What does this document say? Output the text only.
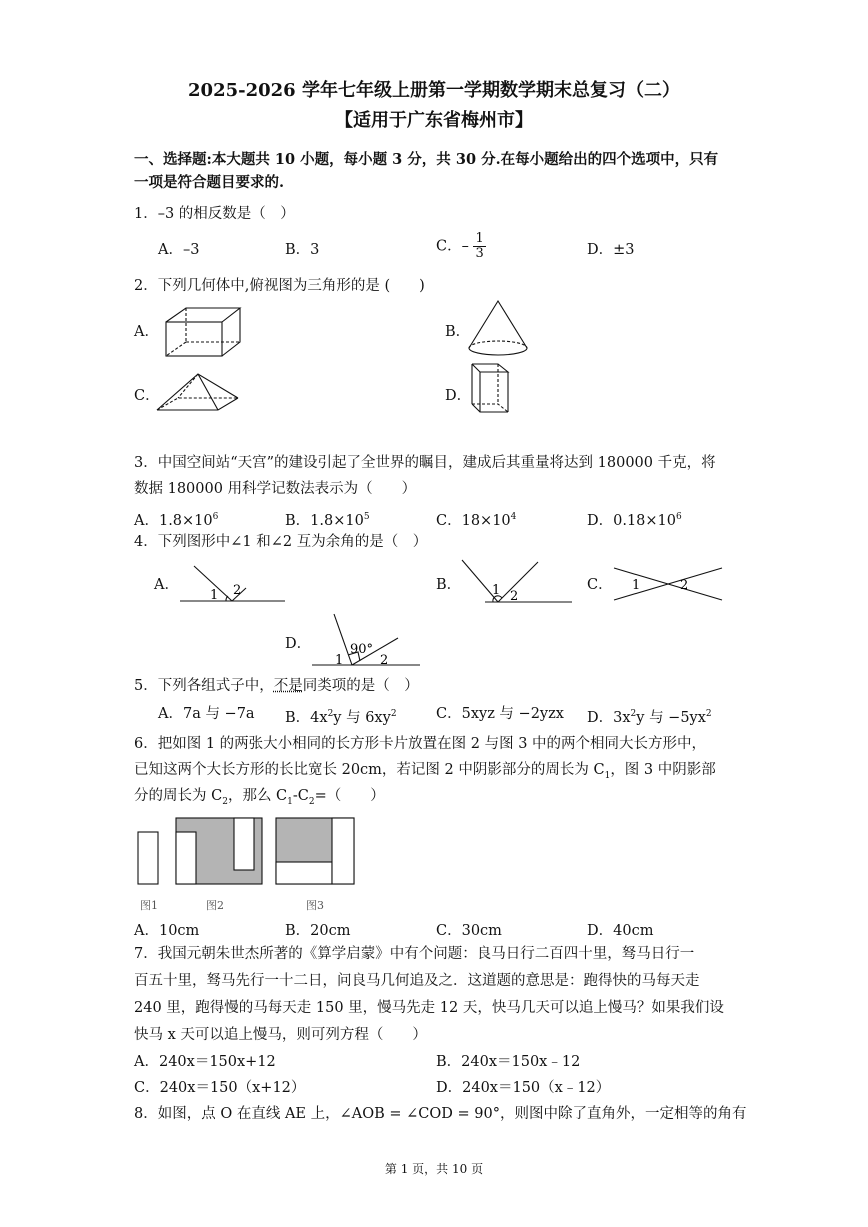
2025-2026 学年七年级上册第一学期数学期末总复习（二）
【适用于广东省梅州市】
一、选择题:本大题共 10 小题，每小题 3 分，共 30 分.在每小题给出的四个选项中，只有
一项是符合题目要求的.
1．–3 的相反数是（　）
A．–3	B．3	C．– $\frac{1}{3}$	D．±3
2．下列几何体中,俯视图为三角形的是 (　　)
A．	B．
C．	D．
3．中国空间站“天宫”的建设引起了全世界的瞩目，建成后其重量将达到 180000 千克，将
数据 180000 用科学记数法表示为（　　）
A．$1.8\times 10^6$	B．$1.8\times 10^5$	C．$18\times 10^4$	D．$0.18\times 10^6$
4．下列图形中∠1 和∠2 互为余角的是（　）
A．	B．	C．
D．
1 2	1 2
1	2
90°
1	2
5．下列各组式子中，不是同类项的是（　）
A．7a 与 −7a B．$4x^2y$ 与 $6xy^2$	C．5xyz 与 −2yzx D．$3x^2y$ 与 $-5yx^2$
6．把如图 1 的两张大小相同的长方形卡片放置在图 2 与图 3 中的两个相同大长方形中，
已知这两个大长方形的长比宽长 20cm，若记图 2 中阴影部分的周长为 $C_1$，图 3 中阴影部
分的周长为 $C_2$，那么 $C_1-C_2=$（　　）
图1	图2	图3
A．10cm	B．20cm	C．30cm	D．40cm
7．我国元朝朱世杰所著的《算学启蒙》中有个问题：良马日行二百四十里，驽马日行一
百五十里，驽马先行一十二日，问良马几何追及之．这道题的意思是：跑得快的马每天走
240 里，跑得慢的马每天走 150 里，慢马先走 12 天，快马几天可以追上慢马？如果我们设
快马 x 天可以追上慢马，则可列方程（　　）
A．240x＝150x+12	B．240x＝150x﹣12
C．240x＝150（x+12）	D．240x＝150（x﹣12）
8．如图，点 O 在直线 AE 上，∠AOB = ∠COD = 90°，则图中除了直角外，一定相等的角有
第 1 页，共 10 页
